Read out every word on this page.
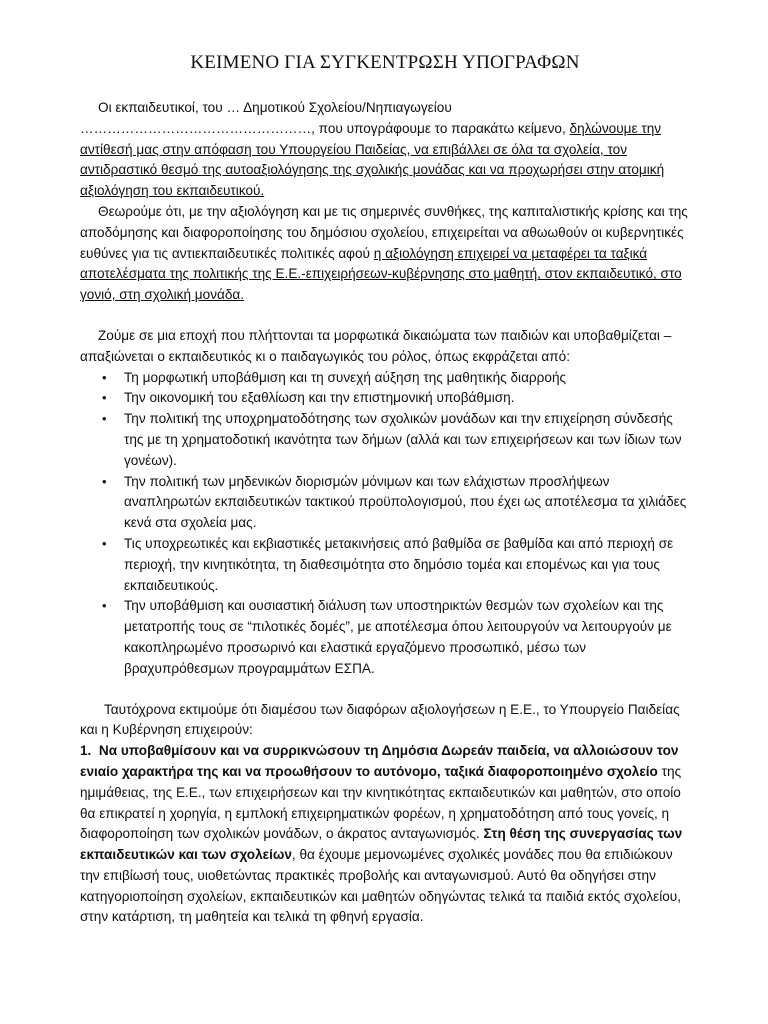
ΚΕΙΜΕΝΟ ΓΙΑ ΣΥΓΚΕΝΤΡΩΣΗ ΥΠΟΓΡΑΦΩΝ

Οι εκπαιδευτικοί, του … Δημοτικού Σχολείου/Νηπιαγωγείου ……………………………………………, που υπογράφουμε το παρακάτω κείμενο, δηλώνουμε την αντίθεσή μας στην απόφαση του Υπουργείου Παιδείας, να επιβάλλει σε όλα τα σχολεία, τον αντιδραστικό θεσμό της αυτοαξιολόγησης της σχολικής μονάδας και να προχωρήσει στην ατομική αξιολόγηση του εκπαιδευτικού.

Θεωρούμε ότι, με την αξιολόγηση και με τις σημερινές συνθήκες, της καπιταλιστικής κρίσης και της αποδόμησης και διαφοροποίησης του δημόσιου σχολείου, επιχειρείται να αθωωθούν οι κυβερνητικές ευθύνες για τις αντιεκπαιδευτικές πολιτικές αφού η αξιολόγηση επιχειρεί να μεταφέρει τα ταξικά αποτελέσματα της πολιτικής της Ε.Ε.-επιχειρήσεων-κυβέρνησης στο μαθητή, στον εκπαιδευτικό, στο γονιό, στη σχολική μονάδα.

Ζούμε σε μια εποχή που πλήττονται τα μορφωτικά δικαιώματα των παιδιών και υποβαθμίζεται – απαξιώνεται ο εκπαιδευτικός κι ο παιδαγωγικός του ρόλος, όπως εκφράζεται από:

• Τη μορφωτική υποβάθμιση και τη συνεχή αύξηση της μαθητικής διαρροής
• Την οικονομική του εξαθλίωση και την επιστημονική υποβάθμιση.
• Την πολιτική της υποχρηματοδότησης των σχολικών μονάδων και την επιχείρηση σύνδεσής της με τη χρηματοδοτική ικανότητα των δήμων (αλλά και των επιχειρήσεων και των ίδιων των γονέων).
• Την πολιτική των μηδενικών διορισμών μόνιμων και των ελάχιστων προσλήψεων αναπληρωτών εκπαιδευτικών τακτικού προϋπολογισμού, που έχει ως αποτέλεσμα τα χιλιάδες κενά στα σχολεία μας.
• Τις υποχρεωτικές και εκβιαστικές μετακινήσεις από βαθμίδα σε βαθμίδα και από περιοχή σε περιοχή, την κινητικότητα, τη διαθεσιμότητα στο δημόσιο τομέα και επομένως και για τους εκπαιδευτικούς.
• Την υποβάθμιση και ουσιαστική διάλυση των υποστηρικτών θεσμών των σχολείων και της μετατροπής τους σε “πιλοτικές δομές”, με αποτέλεσμα όπου λειτουργούν να λειτουργούν με κακοπληρωμένο προσωρινό και ελαστικά εργαζόμενο προσωπικό, μέσω των βραχυπρόθεσμων προγραμμάτων ΕΣΠΑ.

Ταυτόχρονα εκτιμούμε ότι διαμέσου των διαφόρων αξιολογήσεων η Ε.Ε., το Υπουργείο Παιδείας και η Κυβέρνηση επιχειρούν:

1. Να υποβαθμίσουν και να συρρικνώσουν τη Δημόσια Δωρεάν παιδεία, να αλλοιώσουν τον ενιαίο χαρακτήρα της και να προωθήσουν το αυτόνομο, ταξικά διαφοροποιημένο σχολείο της ημιμάθειας, της Ε.Ε., των επιχειρήσεων και την κινητικότητας εκπαιδευτικών και μαθητών, στο οποίο θα επικρατεί η χορηγία, η εμπλοκή επιχειρηματικών φορέων, η χρηματοδότηση από τους γονείς, η διαφοροποίηση των σχολικών μονάδων, ο άκρατος ανταγωνισμός. Στη θέση της συνεργασίας των εκπαιδευτικών και των σχολείων, θα έχουμε μεμονωμένες σχολικές μονάδες που θα επιδιώκουν την επιβίωσή τους, υιοθετώντας πρακτικές προβολής και ανταγωνισμού. Αυτό θα οδηγήσει στην κατηγοριοποίηση σχολείων, εκπαιδευτικών και μαθητών οδηγώντας τελικά τα παιδιά εκτός σχολείου, στην κατάρτιση, τη μαθητεία και τελικά τη φθηνή εργασία.
